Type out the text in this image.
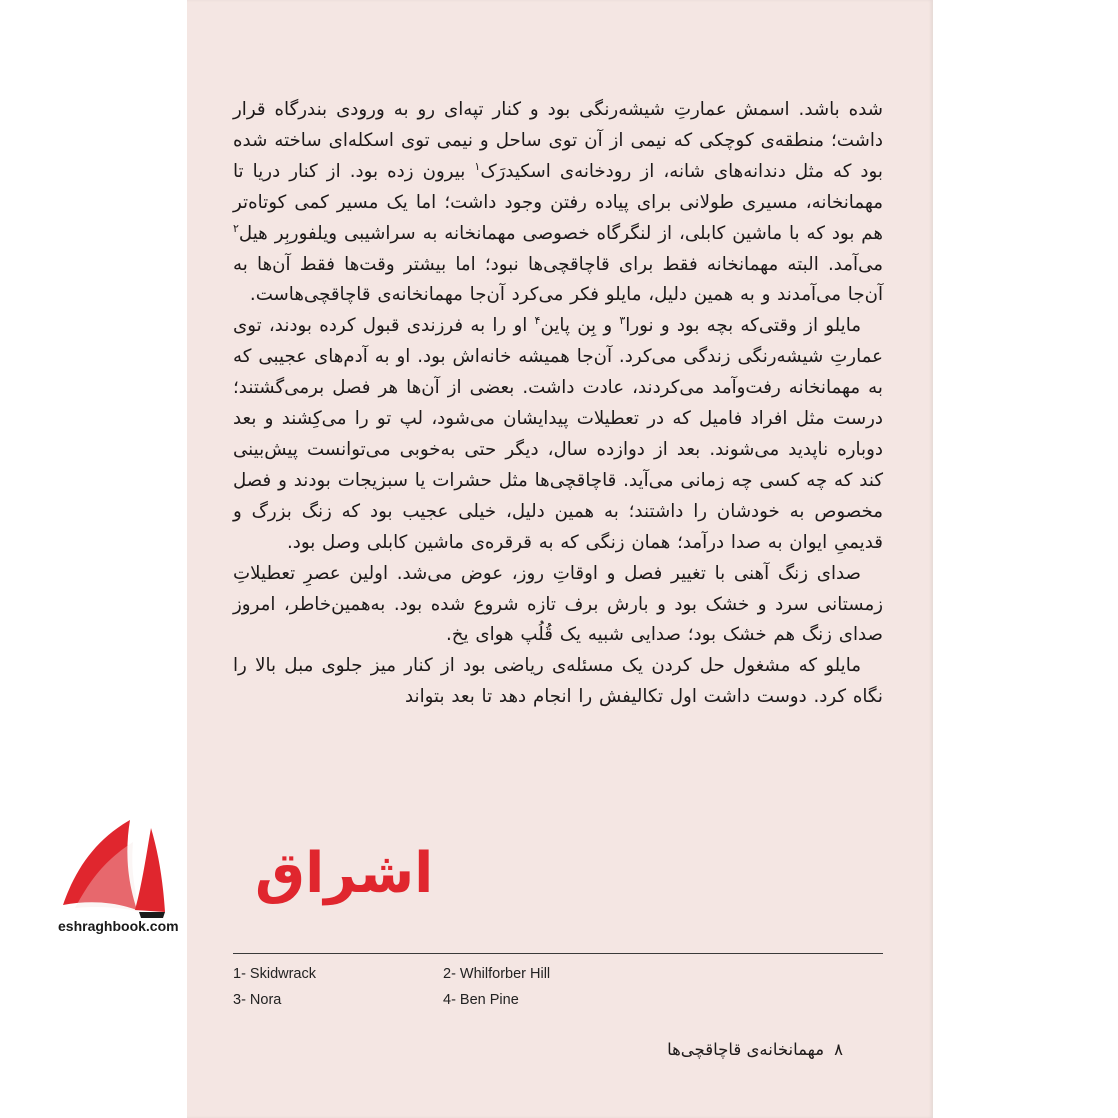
شده باشد. اسمش عمارتِ شیشه‌رنگی بود و کنار تپه‌ای رو به ورودی بندرگاه قرار داشت؛ منطقه‌ی کوچکی که نیمی از آن توی ساحل و نیمی توی اسکله‌ای ساخته شده بود که مثل دندانه‌های شانه، از رودخانه‌ی اسکیدرَک$^۱$ بیرون زده بود. از کنار دریا تا مهمانخانه، مسیری طولانی برای پیاده رفتن وجود داشت؛ اما یک مسیر کمی کوتاه‌تر هم بود که با ماشین کابلی، از لنگرگاه خصوصی مهمانخانه به سراشیبی ویلفوربِر هیل$^۲$ می‌آمد. البته مهمانخانه فقط برای قاچاقچی‌ها نبود؛ اما بیشتر وقت‌ها فقط آن‌ها به آن‌جا می‌آمدند و به همین دلیل، مایلو فکر می‌کرد آن‌جا مهمانخانه‌ی قاچاقچی‌هاست.

مایلو از وقتی‌که بچه بود و نورا$^۳$ و بِن پاین$^۴$ او را به فرزندی قبول کرده بودند، توی عمارتِ شیشه‌رنگی زندگی می‌کرد. آن‌جا همیشه خانه‌اش بود. او به آدم‌های عجیبی که به مهمانخانه رفت‌وآمد می‌کردند، عادت داشت. بعضی از آن‌ها هر فصل برمی‌گشتند؛ درست مثل افراد فامیل که در تعطیلات پیدایشان می‌شود، لپ تو را می‌کِشند و بعد دوباره ناپدید می‌شوند. بعد از دوازده سال، دیگر حتی به‌خوبی می‌توانست پیش‌بینی کند که چه کسی چه زمانی می‌آید. قاچاقچی‌ها مثل حشرات یا سبزیجات بودند و فصل مخصوص به خودشان را داشتند؛ به همین دلیل، خیلی عجیب بود که زنگ بزرگ و قدیمیِ ایوان به صدا درآمد؛ همان زنگی که به قرقره‌ی ماشین کابلی وصل بود.

صدای زنگ آهنی با تغییر فصل و اوقاتِ روز، عوض می‌شد. اولین عصرِ تعطیلاتِ زمستانی سرد و خشک بود و بارش برف تازه شروع شده بود. به‌همین‌خاطر، امروز صدای زنگ هم خشک بود؛ صدایی شبیه یک قُلُپ هوای یخ.

مایلو که مشغول حل کردن یک مسئله‌ی ریاضی بود از کنار میز جلوی مبل بالا را نگاه کرد. دوست داشت اول تکالیفش را انجام دهد تا بعد بتواند

1- Skidwrack	2- Whilforber Hill
3- Nora	4- Ben Pine
۸
مهمانخانه‌ی قاچاقچی‌ها
اشراق
eshraghbook.com
